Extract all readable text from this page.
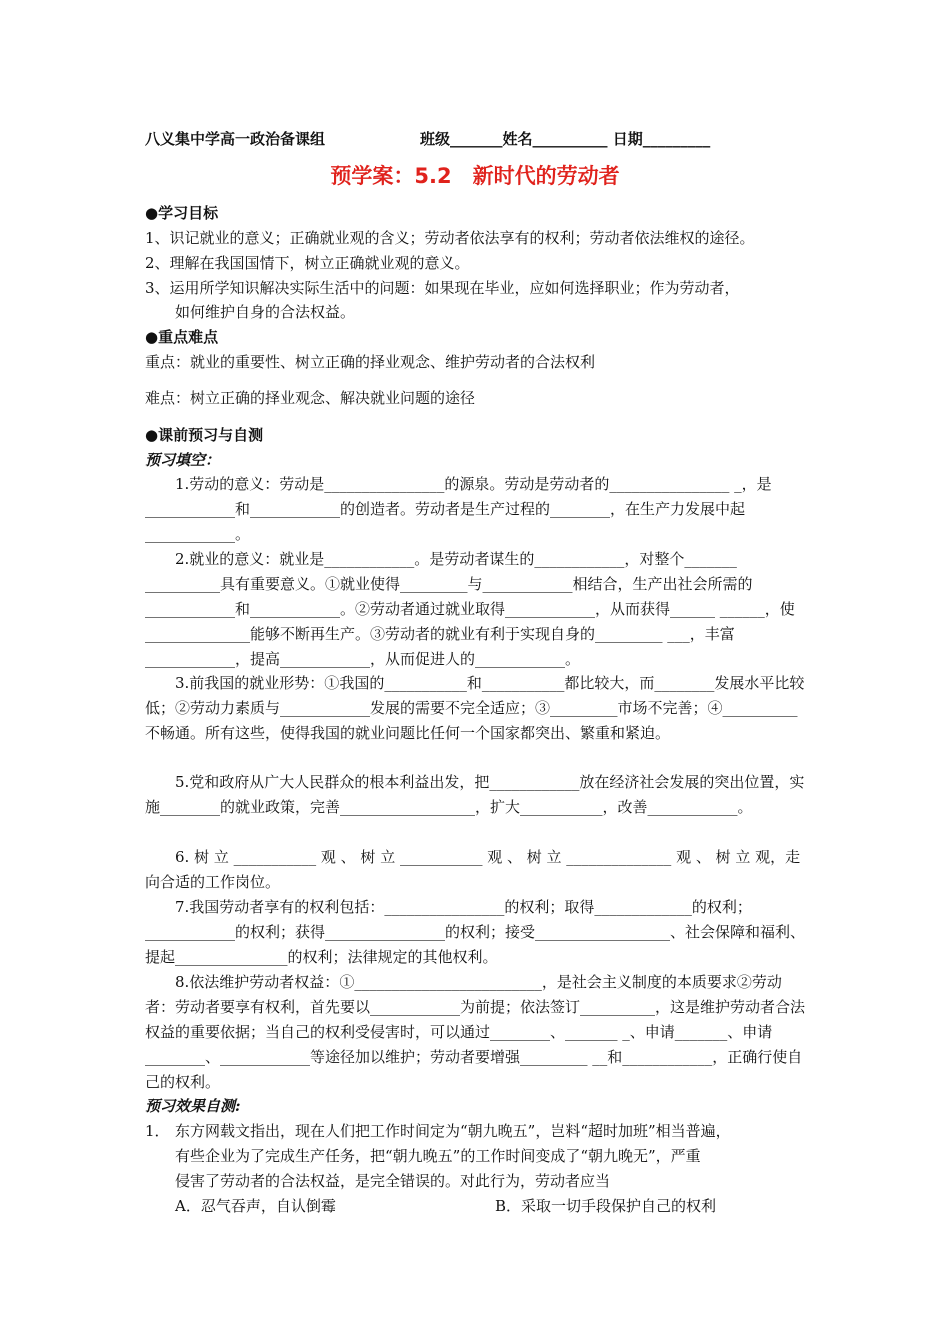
八义集中学高一政治备课组	班级_______姓名__________ 日期_________
预学案：5.2　新时代的劳动者
●学习目标
1、识记就业的意义；正确就业观的含义；劳动者依法享有的权利；劳动者依法维权的途径。
2、理解在我国国情下，树立正确就业观的意义。
3、运用所学知识解决实际生活中的问题：如果现在毕业，应如何选择职业；作为劳动者，
如何维护自身的合法权益。
●重点难点
重点：就业的重要性、树立正确的择业观念、维护劳动者的合法权利
难点：树立正确的择业观念、解决就业问题的途径
●课前预习与自测
预习填空：
1.劳动的意义：劳动是________________的源泉。劳动是劳动者的________________ _，是____________和____________的创造者。劳动者是生产过程的________，在生产力发展中起____________。
2.就业的意义：就业是____________。是劳动者谋生的____________，对整个_______ __________具有重要意义。①就业使得_________与____________相结合，生产出社会所需的____________和____________。②劳动者通过就业取得____________，从而获得______ ______，使______________能够不断再生产。③劳动者的就业有利于实现自身的_________ ___，丰富____________，提高____________，从而促进人的____________。
3.前我国的就业形势：①我国的___________和___________都比较大，而________发展水平比较低；②劳动力素质与____________发展的需要不完全适应；③_________市场不完善；④__________不畅通。所有这些，使得我国的就业问题比任何一个国家都突出、繁重和紧迫。
5.党和政府从广大人民群众的根本利益出发，把____________放在经济社会发展的突出位置，实施________的就业政策，完善__________________，扩大___________，改善____________。
6. 树 立 ___________ 观 、 树 立 ___________ 观 、 树 立 ______________ 观 、 树 立 观，走向合适的工作岗位。
7.我国劳动者享有的权利包括：________________的权利；取得_____________的权利；____________的权利；获得________________的权利；接受__________________、社会保障和福利、提起_______________的权利；法律规定的其他权利。
8.依法维护劳动者权益：①_________________________，是社会主义制度的本质要求②劳动者：劳动者要享有权利，首先要以____________为前提；依法签订__________，这是维护劳动者合法权益的重要依据；当自己的权利受侵害时，可以通过________、_______ _、申请_______、申请________、____________等途径加以维护；劳动者要增强_________ __和____________，正确行使自己的权利。
预习效果自测:
1． 东方网载文指出，现在人们把工作时间定为“朝九晚五”，岂料“超时加班”相当普遍，
有些企业为了完成生产任务，把“朝九晚五”的工作时间变成了“朝九晚无”，严重
侵害了劳动者的合法权益，是完全错误的。对此行为，劳动者应当
A．忍气吞声，自认倒霉	B．采取一切手段保护自己的权利
